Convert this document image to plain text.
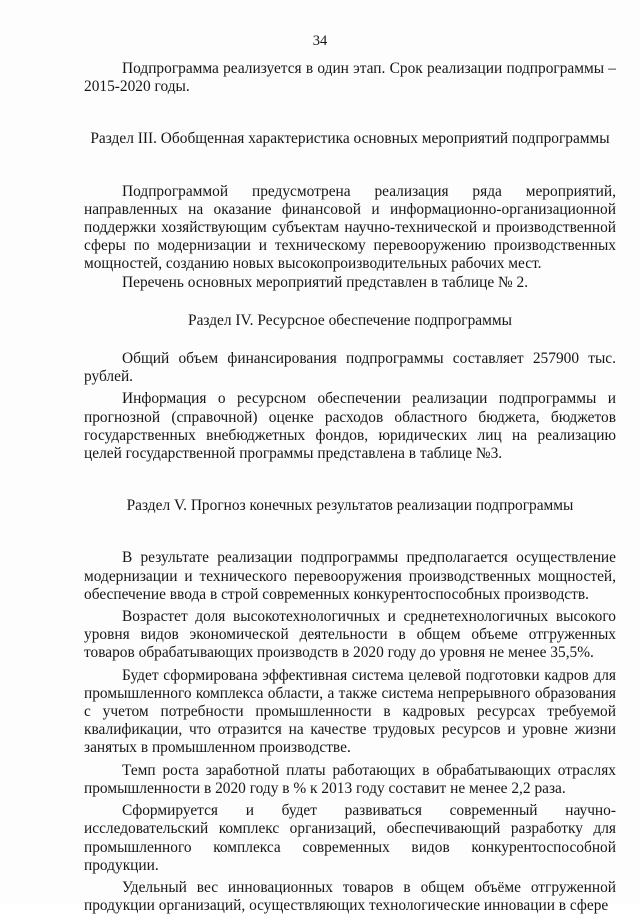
34

Подпрограмма реализуется в один этап. Срок реализации подпрограммы – 2015-2020 годы.

Раздел III. Обобщенная характеристика основных мероприятий подпрограммы

Подпрограммой предусмотрена реализация ряда мероприятий, направленных на оказание финансовой и информационно-организационной поддержки хозяйствующим субъектам научно-технической и производственной сферы по модернизации и техническому перевооружению производственных мощностей, созданию новых высокопроизводительных рабочих мест.

Перечень основных мероприятий представлен в таблице № 2.

Раздел IV. Ресурсное обеспечение подпрограммы

Общий объем финансирования подпрограммы составляет 257900 тыс. рублей.

Информация о ресурсном обеспечении реализации подпрограммы и прогнозной (справочной) оценке расходов областного бюджета, бюджетов государственных внебюджетных фондов, юридических лиц на реализацию целей государственной программы представлена в таблице №3.

Раздел V. Прогноз конечных результатов реализации подпрограммы

В результате реализации подпрограммы предполагается осуществление модернизации и технического перевооружения производственных мощностей, обеспечение ввода в строй современных конкурентоспособных производств.

Возрастет доля высокотехнологичных и среднетехнологичных высокого уровня видов экономической деятельности в общем объеме отгруженных товаров обрабатывающих производств в 2020 году до уровня не менее 35,5%.

Будет сформирована эффективная система целевой подготовки кадров для промышленного комплекса области, а также система непрерывного образования с учетом потребности промышленности в кадровых ресурсах требуемой квалификации, что отразится на качестве трудовых ресурсов и уровне жизни занятых в промышленном производстве.

Темп роста заработной платы работающих в обрабатывающих отраслях промышленности в 2020 году в % к 2013 году составит не менее 2,2 раза.

Сформируется и будет развиваться современный научно-исследовательский комплекс организаций, обеспечивающий разработку для промышленного комплекса современных видов конкурентоспособной продукции.

Удельный вес инновационных товаров в общем объёме отгруженной продукции организаций, осуществляющих технологические инновации в сфере
